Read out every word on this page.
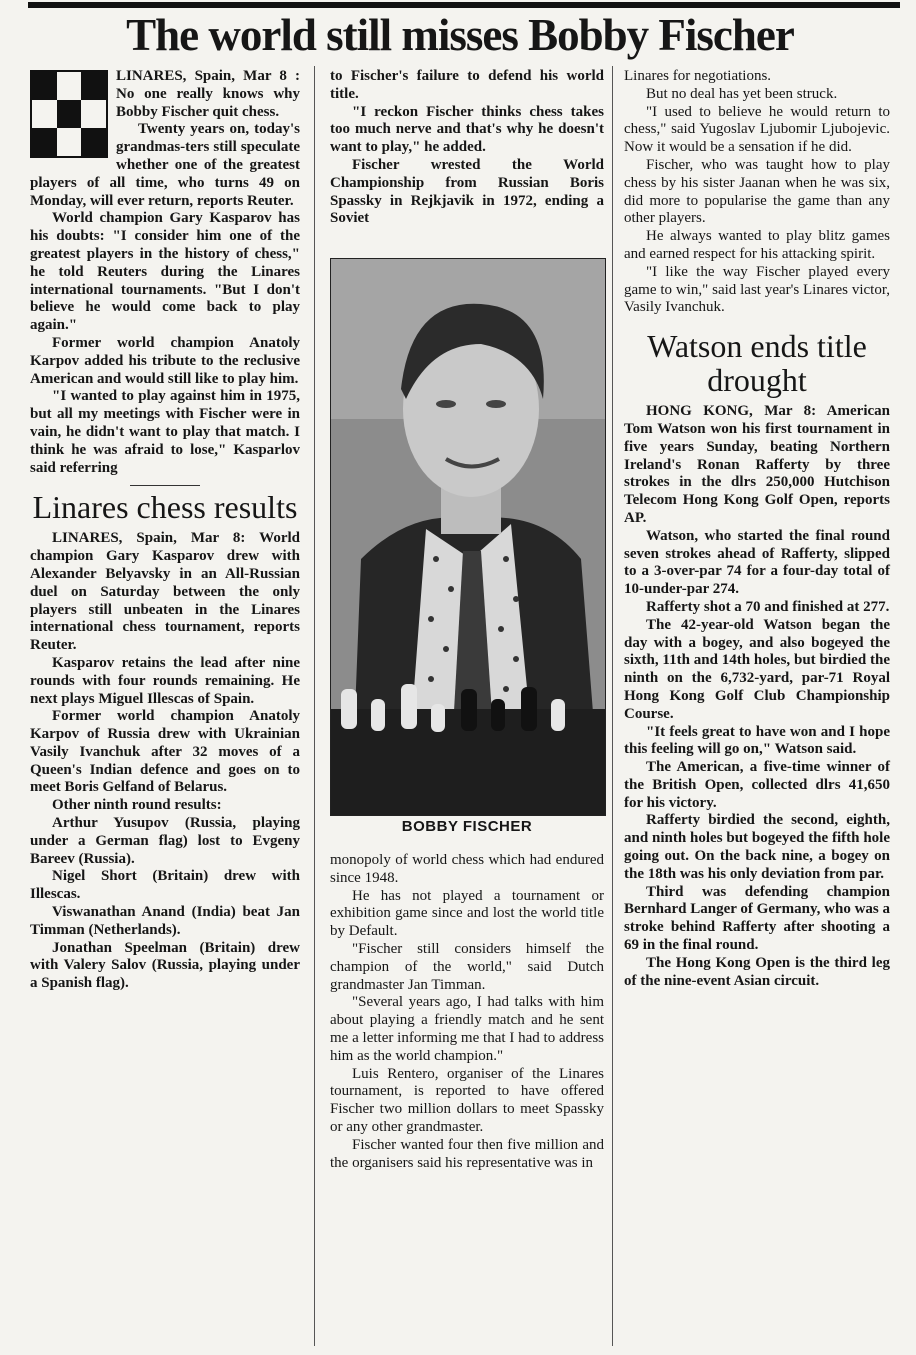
The world still misses Bobby Fischer

LINARES, Spain, Mar 8 : No one really knows why Bobby Fischer quit chess.

Twenty years on, today's grandmas-ters still speculate whether one of the greatest players of all time, who turns 49 on Monday, will ever return, reports Reuter.

World champion Gary Kasparov has his doubts: "I consider him one of the greatest players in the history of chess," he told Reuters during the Linares international tournaments. "But I don't believe he would come back to play again."

Former world champion Anatoly Karpov added his tribute to the reclusive American and would still like to play him.

"I wanted to play against him in 1975, but all my meetings with Fischer were in vain, he didn't want to play that match. I think he was afraid to lose," Kasparlov said referring

Linares chess results

LINARES, Spain, Mar 8: World champion Gary Kasparov drew with Alexander Belyavsky in an All-Russian duel on Saturday between the only players still unbeaten in the Linares international chess tournament, reports Reuter.

Kasparov retains the lead after nine rounds with four rounds remaining. He next plays Miguel Illescas of Spain.

Former world champion Anatoly Karpov of Russia drew with Ukrainian Vasily Ivanchuk after 32 moves of a Queen's Indian defence and goes on to meet Boris Gelfand of Belarus.

Other ninth round results:

Arthur Yusupov (Russia, playing under a German flag) lost to Evgeny Bareev (Russia).

Nigel Short (Britain) drew with Illescas.

Viswanathan Anand (India) beat Jan Timman (Netherlands).

Jonathan Speelman (Britain) drew with Valery Salov (Russia, playing under a Spanish flag).

to Fischer's failure to defend his world title.

"I reckon Fischer thinks chess takes too much nerve and that's why he doesn't want to play," he added.

Fischer wrested the World Championship from Russian Boris Spassky in Rejkjavik in 1972, ending a Soviet

BOBBY FISCHER

monopoly of world chess which had endured since 1948.

He has not played a tournament or exhibition game since and lost the world title by Default.

"Fischer still considers himself the champion of the world," said Dutch grandmaster Jan Timman.

"Several years ago, I had talks with him about playing a friendly match and he sent me a letter informing me that I had to address him as the world champion."

Luis Rentero, organiser of the Linares tournament, is reported to have offered Fischer two million dollars to meet Spassky or any other grandmaster.

Fischer wanted four then five million and the organisers said his representative was in

Linares for negotiations.

But no deal has yet been struck.

"I used to believe he would return to chess," said Yugoslav Ljubomir Ljubojevic. Now it would be a sensation if he did.

Fischer, who was taught how to play chess by his sister Jaanan when he was six, did more to popularise the game than any other players.

He always wanted to play blitz games and earned respect for his attacking spirit.

"I like the way Fischer played every game to win," said last year's Linares victor, Vasily Ivanchuk.

Watson ends title drought

HONG KONG, Mar 8: American Tom Watson won his first tournament in five years Sunday, beating Northern Ireland's Ronan Rafferty by three strokes in the dlrs 250,000 Hutchison Telecom Hong Kong Golf Open, reports AP.

Watson, who started the final round seven strokes ahead of Rafferty, slipped to a 3-over-par 74 for a four-day total of 10-under-par 274.

Rafferty shot a 70 and finished at 277.

The 42-year-old Watson began the day with a bogey, and also bogeyed the sixth, 11th and 14th holes, but birdied the ninth on the 6,732-yard, par-71 Royal Hong Kong Golf Club Championship Course.

"It feels great to have won and I hope this feeling will go on," Watson said.

The American, a five-time winner of the British Open, collected dlrs 41,650 for his victory.

Rafferty birdied the second, eighth, and ninth holes but bogeyed the fifth hole going out. On the back nine, a bogey on the 18th was his only deviation from par.

Third was defending champion Bernhard Langer of Germany, who was a stroke behind Rafferty after shooting a 69 in the final round.

The Hong Kong Open is the third leg of the nine-event Asian circuit.
